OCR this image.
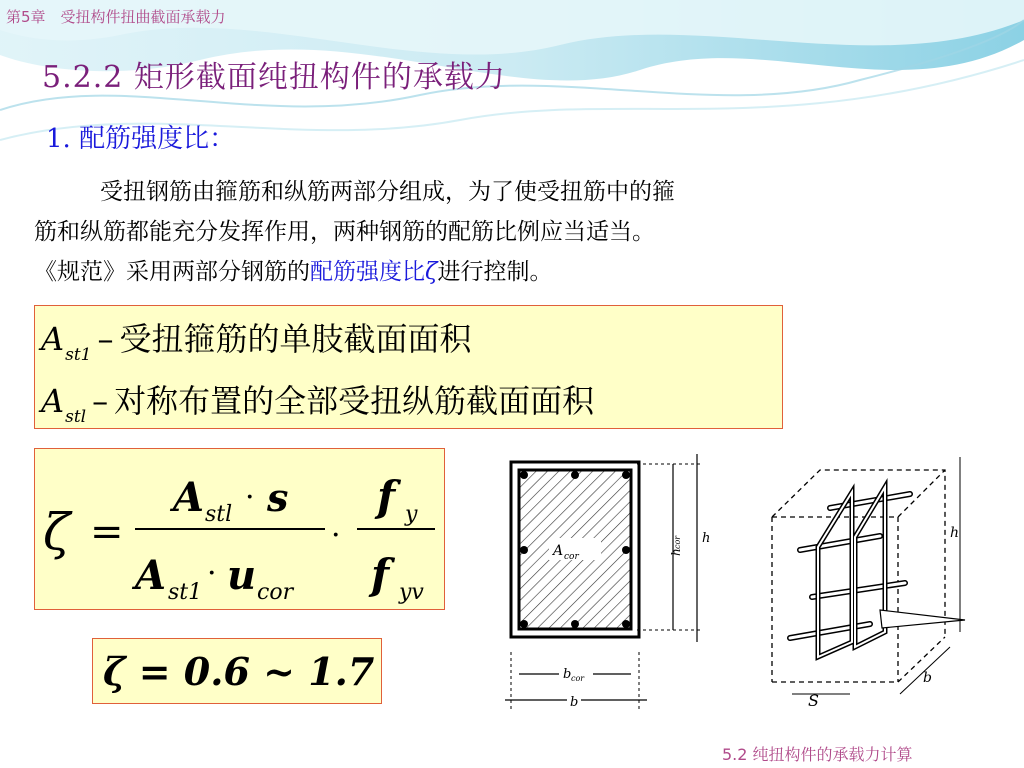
第5章　受扭构件扭曲截面承载力
5.2.2 矩形截面纯扭构件的承载力
1. 配筋强度比：
受扭钢筋由箍筋和纵筋两部分组成，为了使受扭筋中的箍
筋和纵筋都能充分发挥作用，两种钢筋的配筋比例应当适当。
《规范》采用两部分钢筋的配筋强度比ζ进行控制。
$A_{st1}$ – 受扭箍筋的单肢截面面积
$A_{stl}$ – 对称布置的全部受扭纵筋截面面积
ζ =
A stl · s
A st1
· u cor
·
f y
f yv
ζ = 0.6 ~ 1.7
A cor	h
cor h
b cor
b
h
S
b
5.2 纯扭构件的承载力计算
